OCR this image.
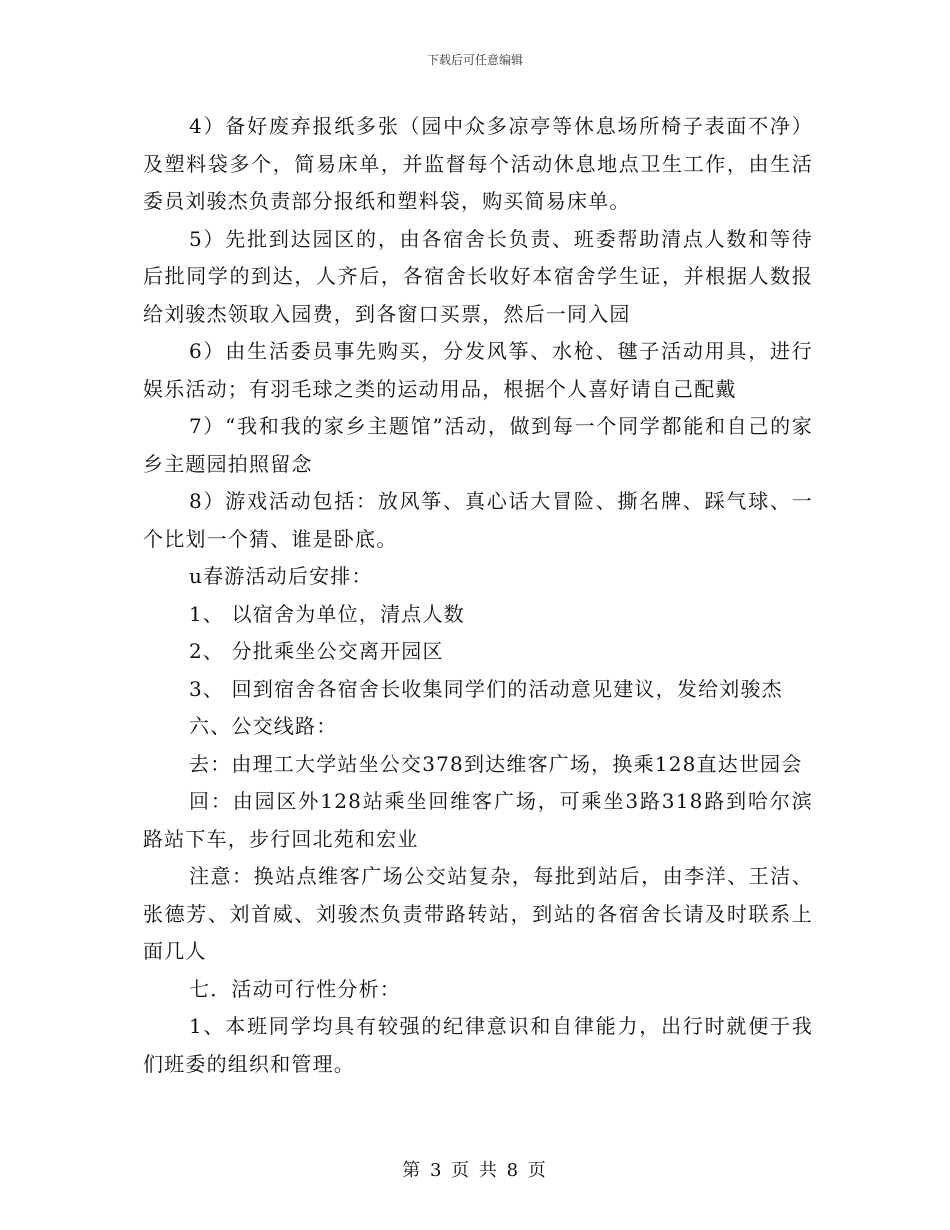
下载后可任意编辑

4）备好废弃报纸多张（园中众多凉亭等休息场所椅子表面不净）及塑料袋多个，简易床单，并监督每个活动休息地点卫生工作，由生活委员刘骏杰负责部分报纸和塑料袋，购买简易床单。

5）先批到达园区的，由各宿舍长负责、班委帮助清点人数和等待后批同学的到达，人齐后，各宿舍长收好本宿舍学生证，并根据人数报给刘骏杰领取入园费，到各窗口买票，然后一同入园

6）由生活委员事先购买，分发风筝、水枪、毽子活动用具，进行娱乐活动；有羽毛球之类的运动用品，根据个人喜好请自己配戴

7）“我和我的家乡主题馆”活动，做到每一个同学都能和自己的家乡主题园拍照留念

8）游戏活动包括：放风筝、真心话大冒险、撕名牌、踩气球、一个比划一个猜、谁是卧底。

u春游活动后安排：

1、 以宿舍为单位，清点人数

2、 分批乘坐公交离开园区

3、 回到宿舍各宿舍长收集同学们的活动意见建议，发给刘骏杰

六、公交线路：

去：由理工大学站坐公交378到达维客广场，换乘128直达世园会

回：由园区外128站乘坐回维客广场，可乘坐3路318路到哈尔滨路站下车，步行回北苑和宏业

注意：换站点维客广场公交站复杂，每批到站后，由李洋、王洁、张德芳、刘首威、刘骏杰负责带路转站，到站的各宿舍长请及时联系上面几人

七．活动可行性分析：

1、本班同学均具有较强的纪律意识和自律能力，出行时就便于我们班委的组织和管理。

第 3 页 共 8 页
